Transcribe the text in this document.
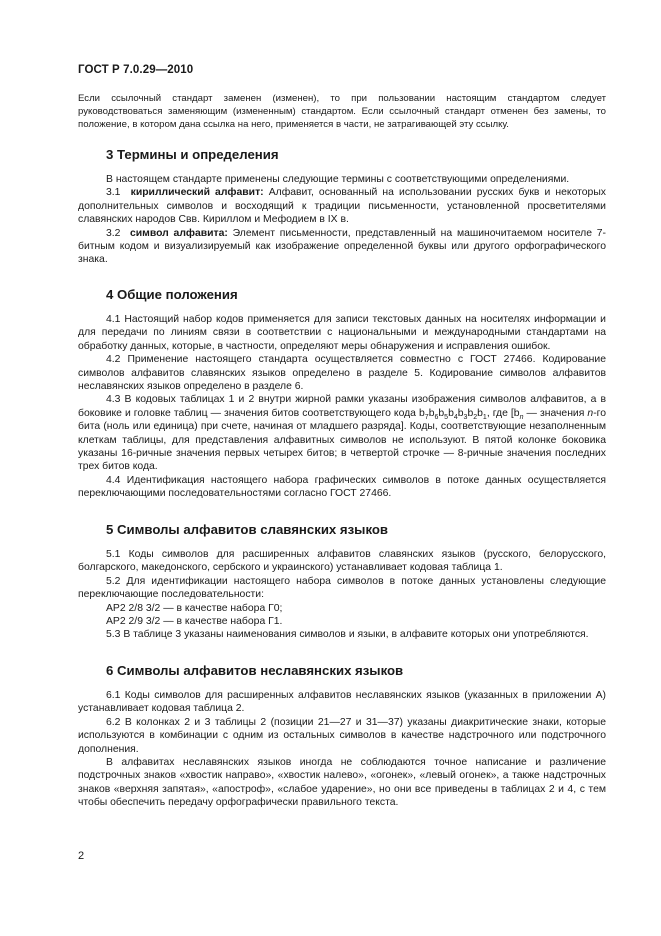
ГОСТ Р 7.0.29—2010
Если ссылочный стандарт заменен (изменен), то при пользовании настоящим стандартом следует руководствоваться заменяющим (измененным) стандартом. Если ссылочный стандарт отменен без замены, то положение, в котором дана ссылка на него, применяется в части, не затрагивающей эту ссылку.
3 Термины и определения

В настоящем стандарте применены следующие термины с соответствующими определениями.

3.1 кириллический алфавит: Алфавит, основанный на использовании русских букв и некоторых дополнительных символов и восходящий к традиции письменности, установленной просветителями славянских народов Свв. Кириллом и Мефодием в IX в.

3.2 символ алфавита: Элемент письменности, представленный на машиночитаемом носителе 7-битным кодом и визуализируемый как изображение определенной буквы или другого орфографического знака.

4 Общие положения

4.1 Настоящий набор кодов применяется для записи текстовых данных на носителях информации и для передачи по линиям связи в соответствии с национальными и международными стандартами на обработку данных, которые, в частности, определяют меры обнаружения и исправления ошибок.

4.2 Применение настоящего стандарта осуществляется совместно с ГОСТ 27466. Кодирование символов алфавитов славянских языков определено в разделе 5. Кодирование символов алфавитов неславянских языков определено в разделе 6.

4.3 В кодовых таблицах 1 и 2 внутри жирной рамки указаны изображения символов алфавитов, а в боковике и головке таблиц — значения битов соответствующего кода $b_7b_6b_5b_4b_3b_2b_1$, где [$b_n$ — значения n-го бита (ноль или единица) при счете, начиная от младшего разряда]. Коды, соответствующие незаполненным клеткам таблицы, для представления алфавитных символов не используют. В пятой колонке боковика указаны 16-ричные значения первых четырех битов; в четвертой строчке — 8-ричные значения последних трех битов кода.

4.4 Идентификация настоящего набора графических символов в потоке данных осуществляется переключающими последовательностями согласно ГОСТ 27466.

5 Символы алфавитов славянских языков

5.1 Коды символов для расширенных алфавитов славянских языков (русского, белорусского, болгарского, македонского, сербского и украинского) устанавливает кодовая таблица 1.

5.2 Для идентификации настоящего набора символов в потоке данных установлены следующие переключающие последовательности:

АР2 2/8 3/2 — в качестве набора Г0;

АР2 2/9 3/2 — в качестве набора Г1.

5.3 В таблице 3 указаны наименования символов и языки, в алфавите которых они употребляются.

6 Символы алфавитов неславянских языков

6.1 Коды символов для расширенных алфавитов неславянских языков (указанных в приложении А) устанавливает кодовая таблица 2.

6.2 В колонках 2 и 3 таблицы 2 (позиции 21—27 и 31—37) указаны диакритические знаки, которые используются в комбинации с одним из остальных символов в качестве надстрочного или подстрочного дополнения.

В алфавитах неславянских языков иногда не соблюдаются точное написание и различение подстрочных знаков «хвостик направо», «хвостик налево», «огонек», «левый огонек», а также надстрочных знаков «верхняя запятая», «апостроф», «слабое ударение», но они все приведены в таблицах 2 и 4, с тем чтобы обеспечить передачу орфографически правильного текста.

2
